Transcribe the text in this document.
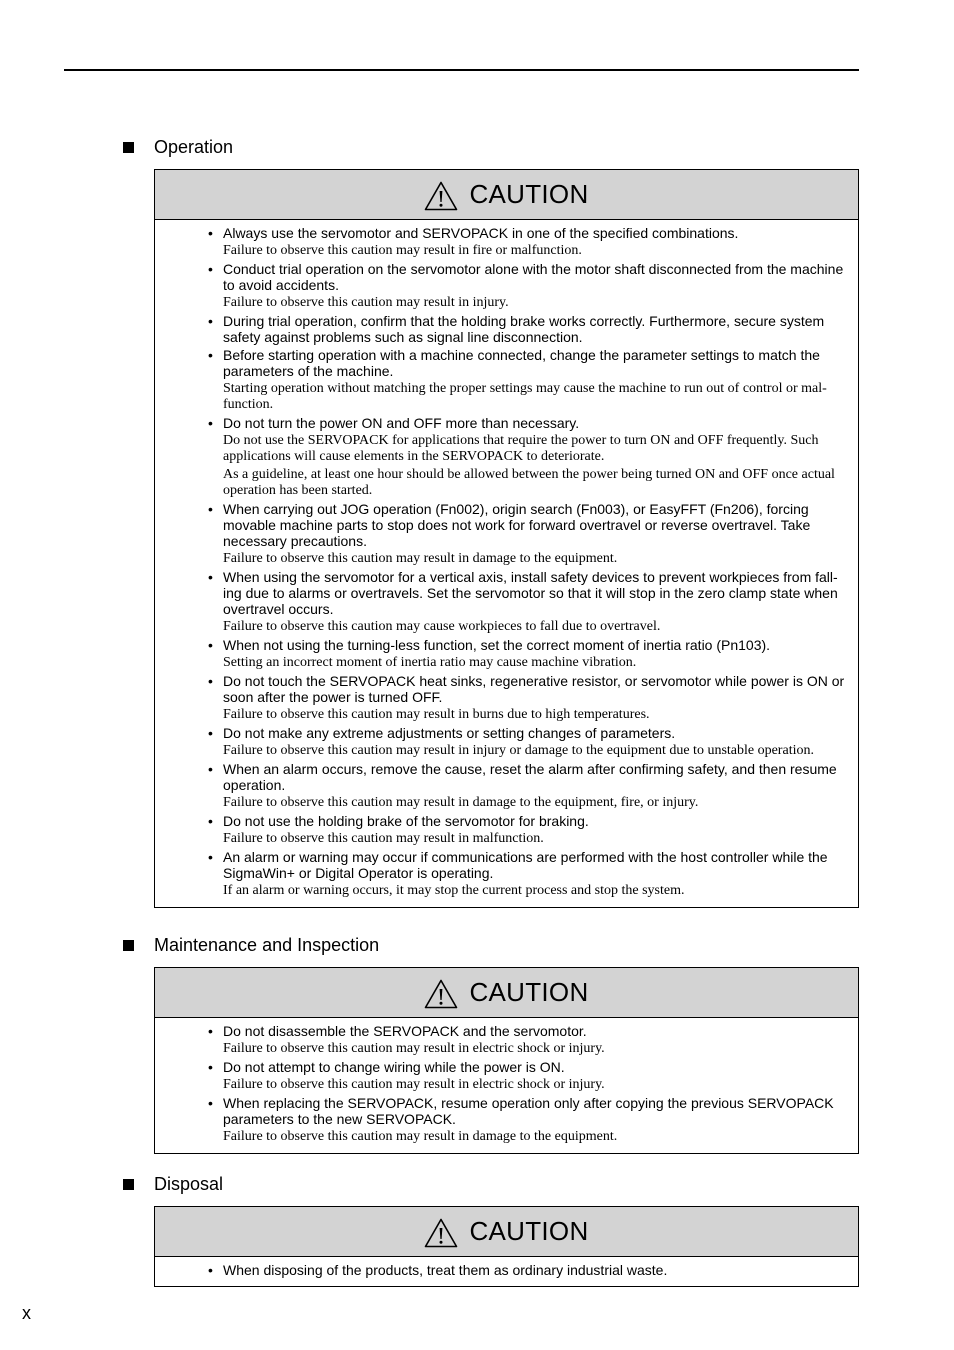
Operation
CAUTION
• Always use the servomotor and SERVOPACK in one of the specified combinations.
Failure to observe this caution may result in fire or malfunction.
• Conduct trial operation on the servomotor alone with the motor shaft disconnected from the machine to avoid accidents.
Failure to observe this caution may result in injury.
• During trial operation, confirm that the holding brake works correctly. Furthermore, secure system safety against problems such as signal line disconnection.
• Before starting operation with a machine connected, change the parameter settings to match the parameters of the machine.
Starting operation without matching the proper settings may cause the machine to run out of control or mal- function.
• Do not turn the power ON and OFF more than necessary.
Do not use the SERVOPACK for applications that require the power to turn ON and OFF frequently. Such applications will cause elements in the SERVOPACK to deteriorate.
As a guideline, at least one hour should be allowed between the power being turned ON and OFF once actual operation has been started.
• When carrying out JOG operation (Fn002), origin search (Fn003), or EasyFFT (Fn206), forcing movable machine parts to stop does not work for forward overtravel or reverse overtravel. Take necessary precautions.
Failure to observe this caution may result in damage to the equipment.
• When using the servomotor for a vertical axis, install safety devices to prevent workpieces from fall- ing due to alarms or overtravels. Set the servomotor so that it will stop in the zero clamp state when overtravel occurs.
Failure to observe this caution may cause workpieces to fall due to overtravel.
• When not using the turning-less function, set the correct moment of inertia ratio (Pn103).
Setting an incorrect moment of inertia ratio may cause machine vibration.
• Do not touch the SERVOPACK heat sinks, regenerative resistor, or servomotor while power is ON or soon after the power is turned OFF.
Failure to observe this caution may result in burns due to high temperatures.
• Do not make any extreme adjustments or setting changes of parameters.
Failure to observe this caution may result in injury or damage to the equipment due to unstable operation.
• When an alarm occurs, remove the cause, reset the alarm after confirming safety, and then resume operation.
Failure to observe this caution may result in damage to the equipment, fire, or injury.
• Do not use the holding brake of the servomotor for braking.
Failure to observe this caution may result in malfunction.
• An alarm or warning may occur if communications are performed with the host controller while the SigmaWin+ or Digital Operator is operating.
If an alarm or warning occurs, it may stop the current process and stop the system.
Maintenance and Inspection
CAUTION
• Do not disassemble the SERVOPACK and the servomotor.
Failure to observe this caution may result in electric shock or injury.
• Do not attempt to change wiring while the power is ON.
Failure to observe this caution may result in electric shock or injury.
• When replacing the SERVOPACK, resume operation only after copying the previous SERVOPACK parameters to the new SERVOPACK.
Failure to observe this caution may result in damage to the equipment.
Disposal
CAUTION
• When disposing of the products, treat them as ordinary industrial waste.
x
